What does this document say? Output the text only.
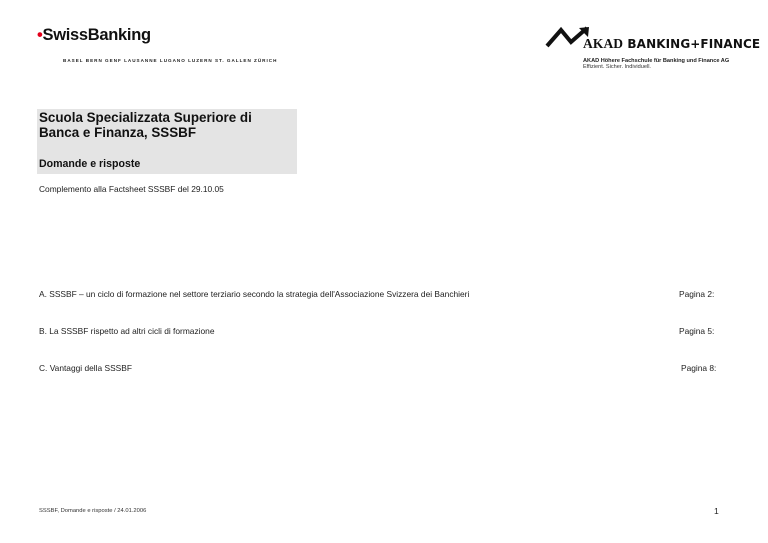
•SwissBanking
BASEL BERN GENF LAUSANNE LUGANO LUZERN ST. GALLEN ZÜRICH
AKAD BANKING+FINANCE
AKAD Höhere Fachschule für Banking und Finance AG
Effizient. Sicher. Individuell.
Scuola Specializzata Superiore di Banca e Finanza, SSSBF
Domande e risposte
Complemento alla Factsheet SSSBF del 29.10.05
A. SSSBF – un ciclo di formazione nel settore terziario secondo la strategia dell'Associazione Svizzera dei Banchieri	Pagina 2:
B. La SSSBF rispetto ad altri cicli di formazione	Pagina 5:
C. Vantaggi della SSSBF	Pagina 8:
SSSBF, Domande e risposte / 24.01.2006	1
